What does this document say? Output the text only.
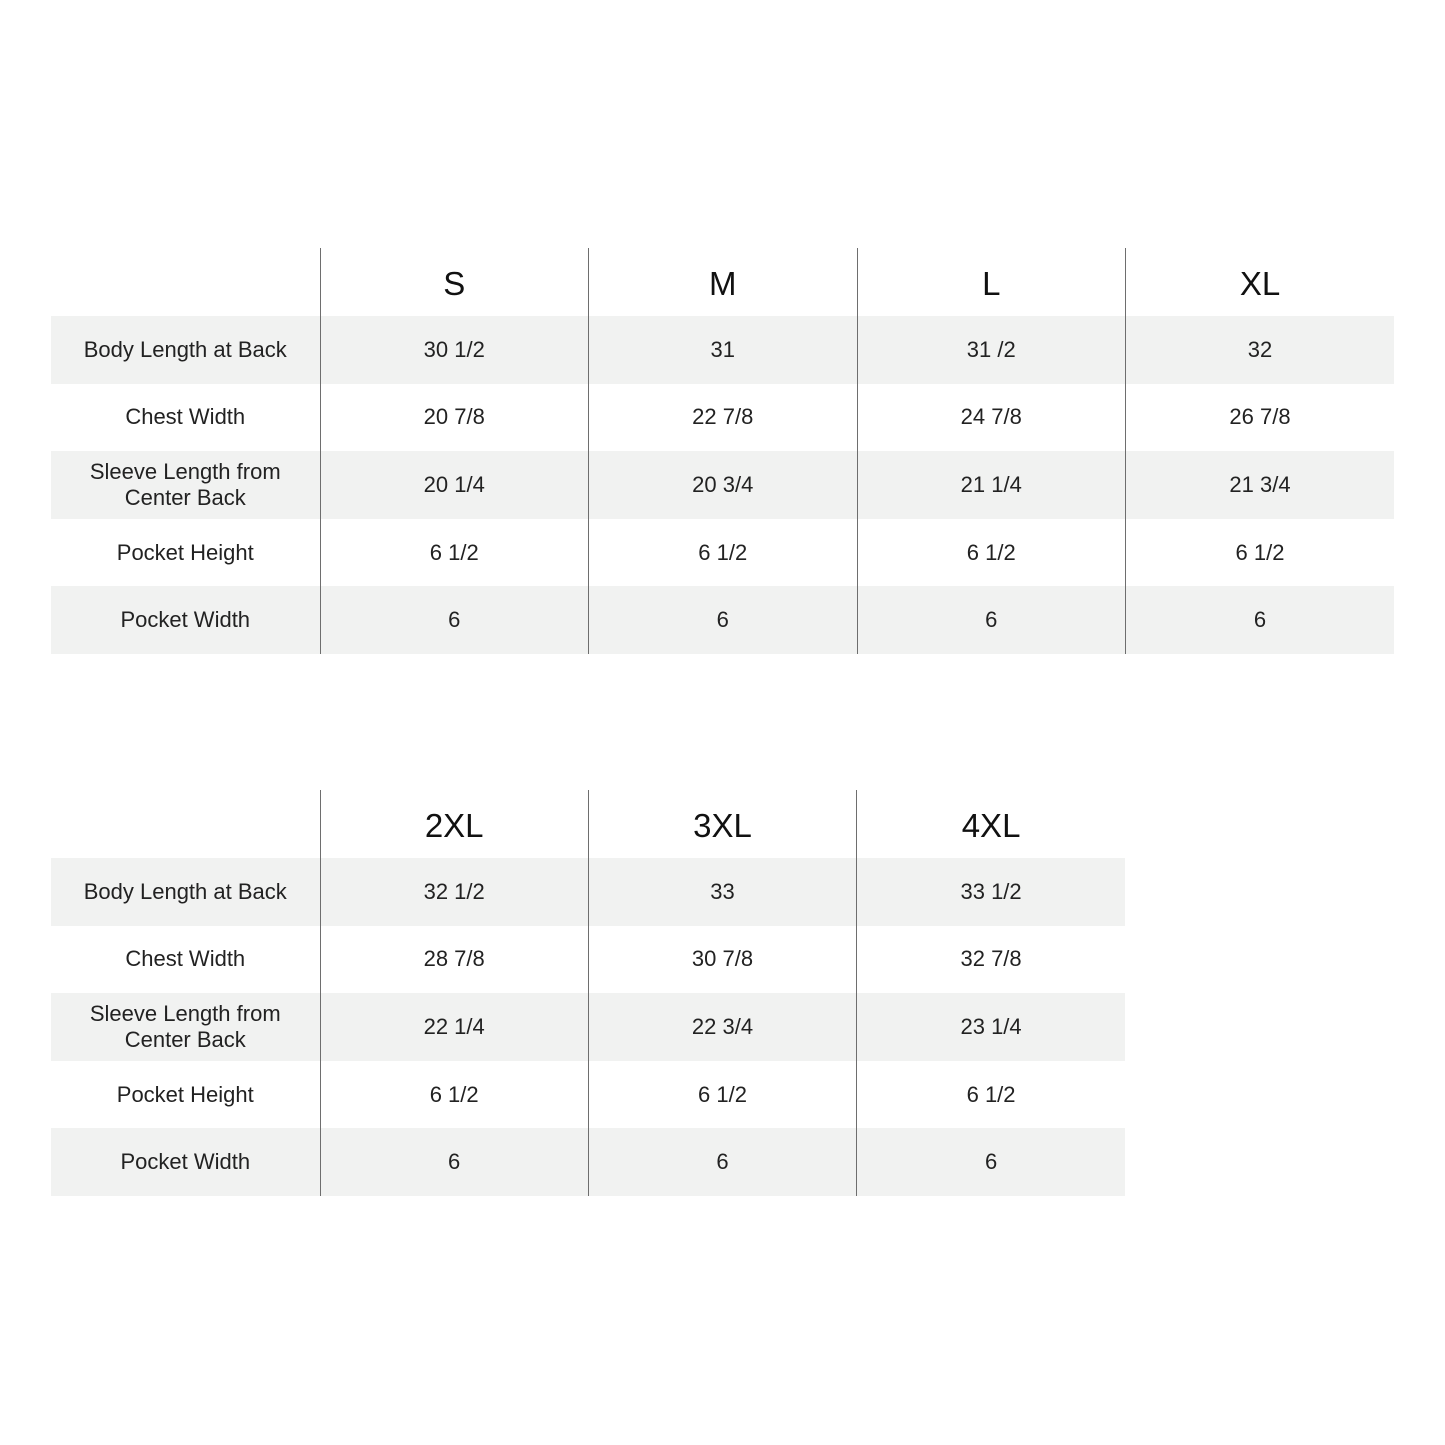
	S	M	L	XL
Body Length at Back	30 1/2	31	31 /2	32
Chest Width	20 7/8	22 7/8	24 7/8	26 7/8
Sleeve Length from Center Back	20 1/4	20 3/4	21 1/4	21 3/4
Pocket Height	6 1/2	6 1/2	6 1/2	6 1/2
Pocket Width	6	6	6	6
	2XL	3XL	4XL
Body Length at Back	32 1/2	33	33 1/2
Chest Width	28 7/8	30 7/8	32 7/8
Sleeve Length from Center Back	22 1/4	22 3/4	23 1/4
Pocket Height	6 1/2	6 1/2	6 1/2
Pocket Width	6	6	6
